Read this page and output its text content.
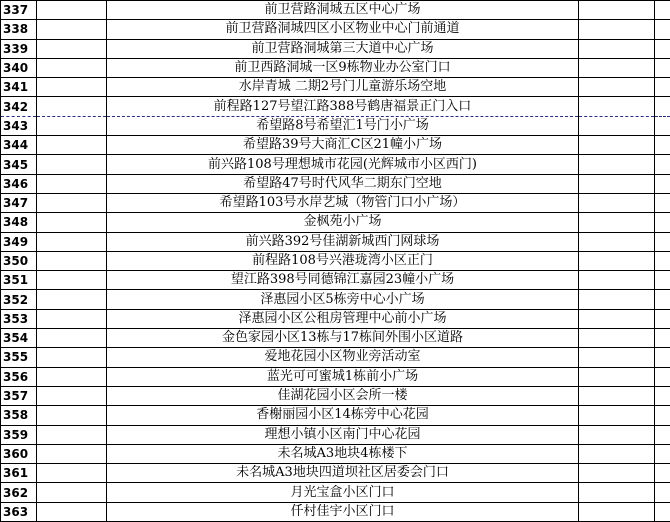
337		前卫营路洞城五区中心广场		
338		前卫营路洞城四区小区物业中心门前通道		
339		前卫营路洞城第三大道中心广场		
340		前卫西路洞城一区9栋物业办公室门口		
341		水岸青城 二期2号门儿童游乐场空地		
342		前程路127号望江路388号鹤唐福景正门入口		
343		希望路8号希望汇1号门小广场		
344		希望路39号大商汇C区21幢小广场		
345		前兴路108号理想城市花园(光辉城市小区西门)		
346		希望路47号时代风华二期东门空地		
347		希望路103号水岸艺城（物管门口小广场）		
348		金枫苑小广场		
349		前兴路392号佳湖新城西门网球场		
350		前程路108号兴港珑湾小区正门		
351		望江路398号同德锦江嘉园23幢小广场		
352		泽惠园小区5栋旁中心小广场		
353		泽惠园小区公租房管理中心前小广场		
354		金色家园小区13栋与17栋间外围小区道路		
355		爱地花园小区物业旁活动室		
356		蓝光可可蜜城1栋前小广场		
357		佳湖花园小区会所一楼		
358		香榭丽园小区14栋旁中心花园		
359		理想小镇小区南门中心花园		
360		未名城A3地块4栋楼下		
361		未名城A3地块四道坝社区居委会门口		
362		月光宝盒小区门口		
363		仟村佳宇小区门口		
